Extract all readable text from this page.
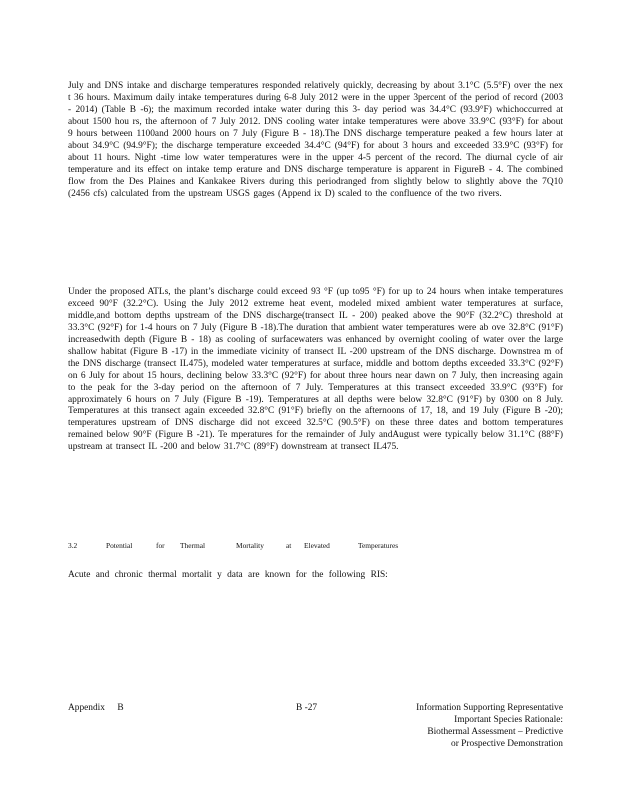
July and DNS intake and discharge temperatures responded relatively quickly, decreasing by about 3.1°C (5.5°F) over the nex t 36 hours. Maximum daily intake temperatures during 6-8 July 2012 were in the upper 3percent of the period of record (2003 - 2014) (Table B -6); the maximum recorded intake water during this 3- day period was 34.4°C (93.9°F) whichoccurred at about 1500 hou rs, the afternoon of 7 July 2012. DNS cooling water intake temperatures were above 33.9°C (93°F) for about 9 hours between 1100and 2000 hours on 7 July (Figure B - 18).The DNS discharge temperature peaked a few hours later at about 34.9°C (94.9°F); the discharge temperature exceeded 34.4°C (94°F) for about 3 hours and exceeded 33.9°C (93°F) for about 11 hours. Night -time low water temperatures were in the upper 4-5 percent of the record. The diurnal cycle of air temperature and its effect on intake temp erature and DNS discharge temperature is apparent in FigureB - 4. The combined flow from the Des Plaines and Kankakee Rivers during this periodranged from slightly below to slightly above the 7Q10 (2456 cfs) calculated from the upstream USGS gages (Append ix D) scaled to the confluence of the two rivers.

Under the proposed ATLs, the plant’s discharge could exceed 93 °F (up to95 °F) for up to 24 hours when intake temperatures exceed 90°F (32.2°C). Using the July 2012 extreme heat event, modeled mixed ambient water temperatures at surface, middle,and bottom depths upstream of the DNS discharge(transect IL - 200) peaked above the 90°F (32.2°C) threshold at 33.3°C (92°F) for 1-4 hours on 7 July (Figure B -18).The duration that ambient water temperatures were ab ove 32.8°C (91°F) increasedwith depth (Figure B - 18) as cooling of surfacewaters was enhanced by overnight cooling of water over the large shallow habitat (Figure B -17) in the immediate vicinity of transect IL -200 upstream of the DNS discharge. Downstrea m of the DNS discharge (transect IL475), modeled water temperatures at surface, middle and bottom depths exceeded 33.3°C (92°F) on 6 July for about 15 hours, declining below 33.3°C (92°F) for about three hours near dawn on 7 July, then increasing again to the peak for the 3-day period on the afternoon of 7 July. Temperatures at this transect exceeded 33.9°C (93°F) for approximately 6 hours on 7 July (Figure B -19). Temperatures at all depths were below 32.8°C (91°F) by 0300 on 8 July. Temperatures at this transect again exceeded 32.8°C (91°F) briefly on the afternoons of 17, 18, and 19 July (Figure B -20); temperatures upstream of DNS discharge did not exceed 32.5°C (90.5°F) on these three dates and bottom temperatures remained below 90°F (Figure B -21). Te mperatures for the remainder of July andAugust were typically below 31.1°C (88°F) upstream at transect IL -200 and below 31.7°C (89°F) downstream at transect IL475.

3.2	Potential	for Thermal	Mortality	at Elevated	Temperatures

Acute and chronic thermal mortalit y data are known for the following RIS:

Appendix B	B -27	Information Supporting Representative
Important Species Rationale:
Biothermal Assessment – Predictive
or Prospective Demonstration
